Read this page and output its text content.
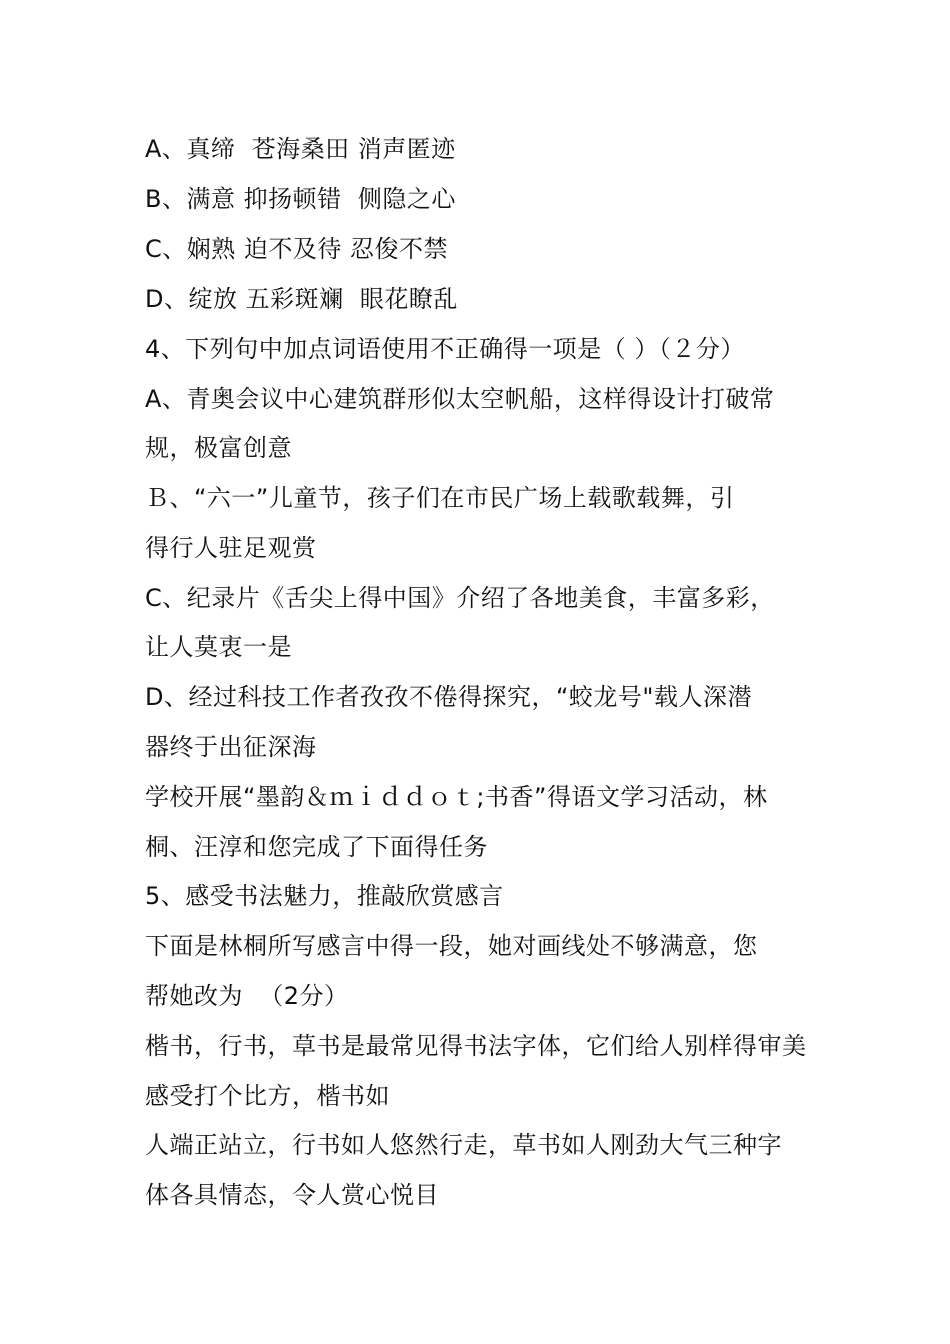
A、真缔  苍海桑田 消声匿迹
B、满意 抑扬顿错  侧隐之心
C、娴熟 迫不及待 忍俊不禁
D、绽放 五彩斑斓  眼花瞭乱
4、下列句中加点词语使用不正确得一项是（ ）（２分）
A、青奥会议中心建筑群形似太空帆船，这样得设计打破常
规，极富创意
Ｂ、“六一”儿童节，孩子们在市民广场上载歌载舞，引
得行人驻足观赏
C、纪录片《舌尖上得中国》介绍了各地美食，丰富多彩，
让人莫衷一是
D、经过科技工作者孜孜不倦得探究，“蛟龙号"载人深潜
器终于出征深海
学校开展“墨韵＆ｍｉｄｄｏｔ;书香”得语文学习活动，林
桐、汪淳和您完成了下面得任务
5、感受书法魅力，推敲欣赏感言
下面是林桐所写感言中得一段，她对画线处不够满意，您
帮她改为  （2分）
楷书，行书，草书是最常见得书法字体，它们给人别样得审美
感受打个比方，楷书如
人端正站立，行书如人悠然行走，草书如人刚劲大气三种字
体各具情态，令人赏心悦目
